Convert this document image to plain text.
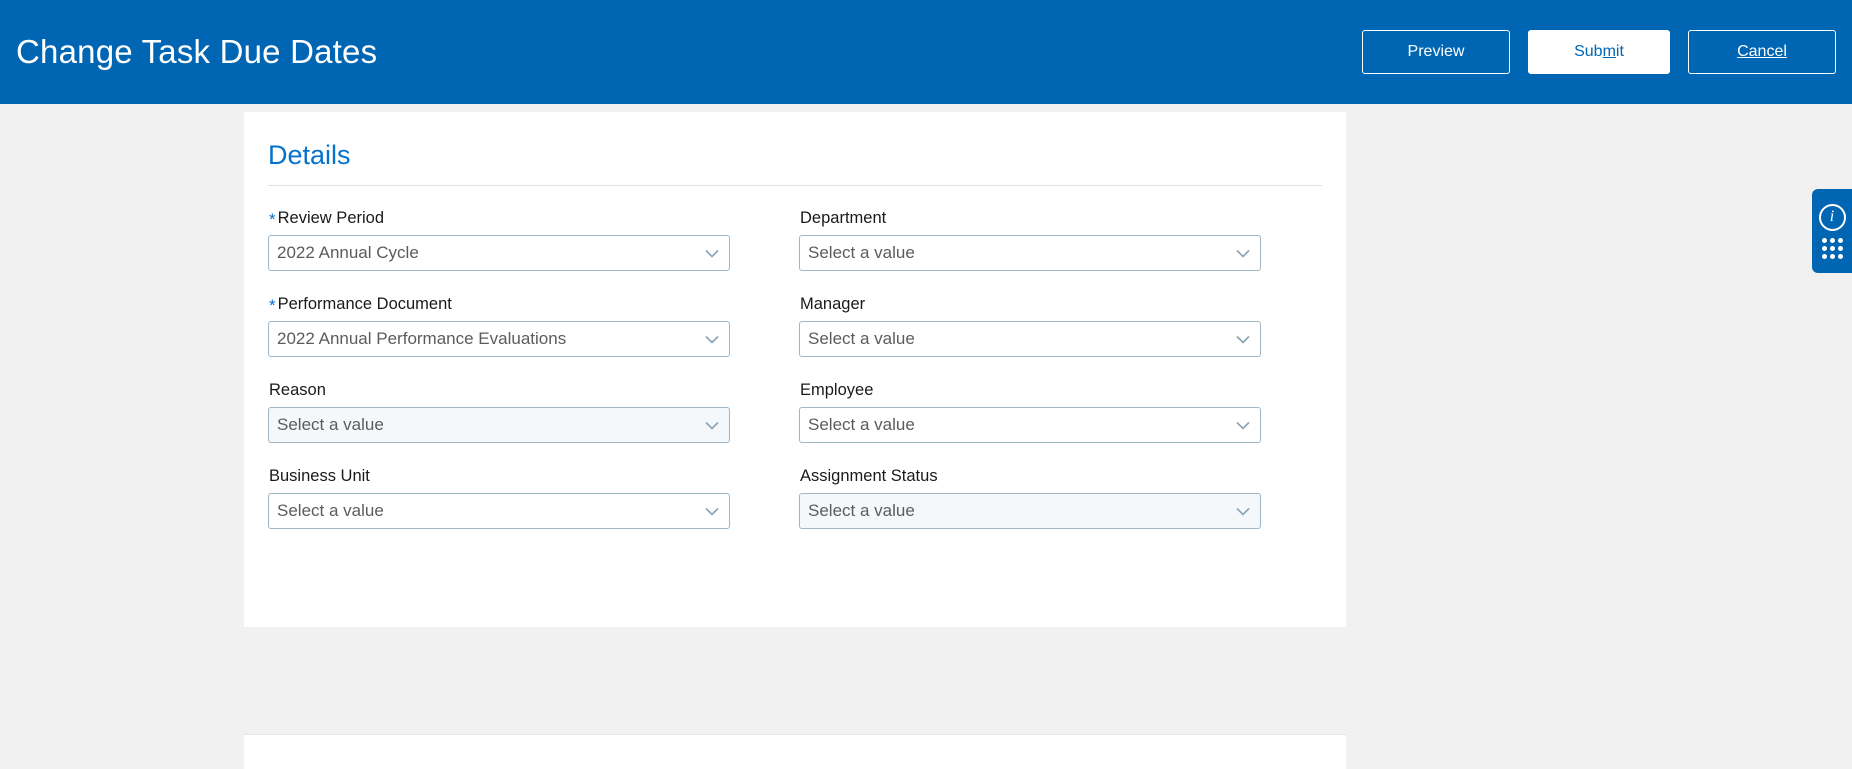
Change Task Due Dates	Preview	Sub m it	Cancel
Details
* Review Period
2022 Annual Cycle
Department
Select a value
* Performance Document
2022 Annual Performance Evaluations
Manager
Select a value
Reason
Select a value
Employee
Select a value
Business Unit
Select a value
Assignment Status
Select a value
i
